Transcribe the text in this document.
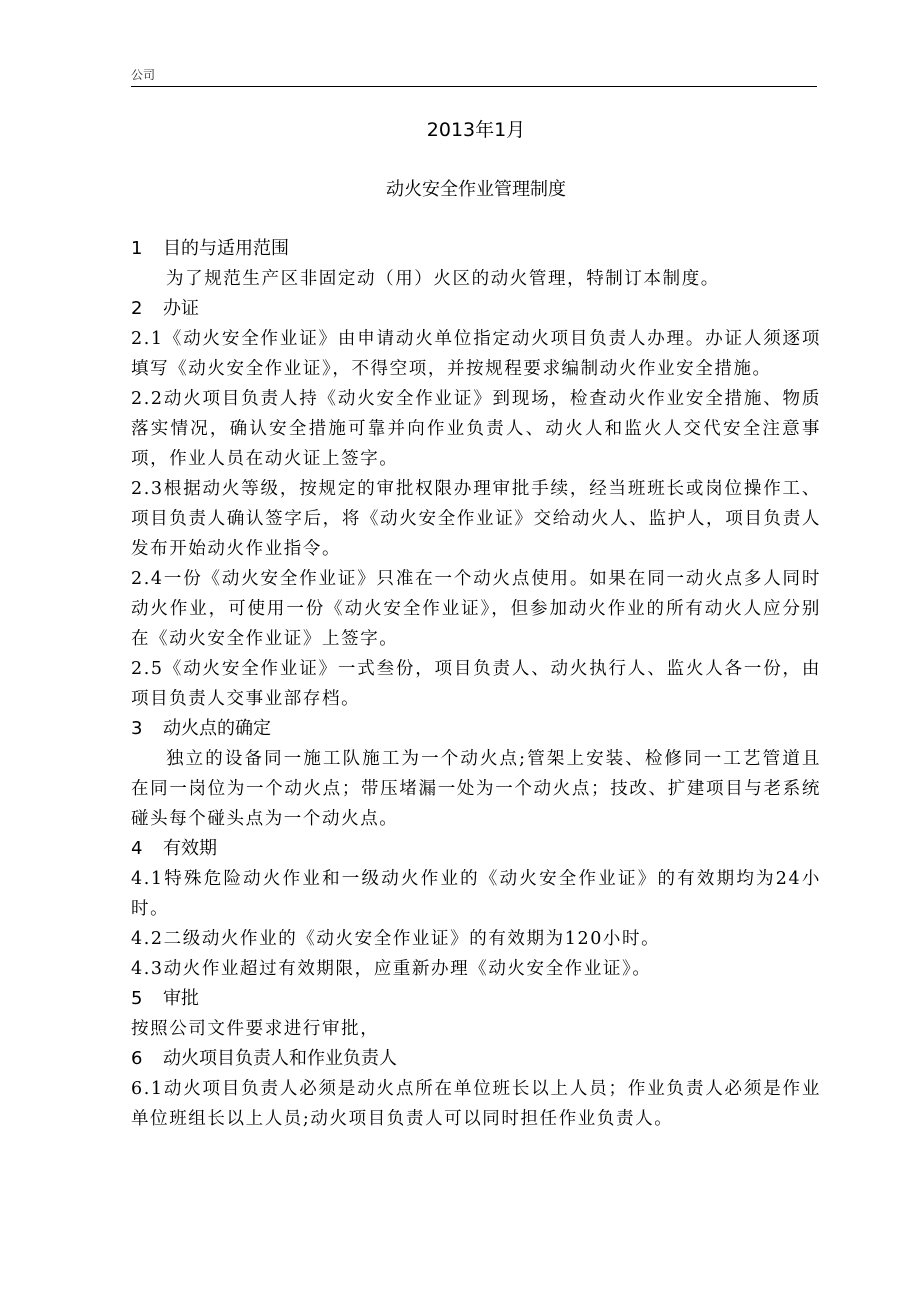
公司
2013年1月
动火安全作业管理制度
1 目的与适用范围

为了规范生产区非固定动（用）火区的动火管理，特制订本制度。

2 办证

2.1《动火安全作业证》由申请动火单位指定动火项目负责人办理。办证人须逐项填写《动火安全作业证》，不得空项，并按规程要求编制动火作业安全措施。

2.2动火项目负责人持《动火安全作业证》到现场，检查动火作业安全措施、物质落实情况，确认安全措施可靠并向作业负责人、动火人和监火人交代安全注意事项，作业人员在动火证上签字。

2.3根据动火等级，按规定的审批权限办理审批手续，经当班班长或岗位操作工、项目负责人确认签字后，将《动火安全作业证》交给动火人、监护人，项目负责人发布开始动火作业指令。

2.4一份《动火安全作业证》只准在一个动火点使用。如果在同一动火点多人同时动火作业，可使用一份《动火安全作业证》，但参加动火作业的所有动火人应分别在《动火安全作业证》上签字。

2.5《动火安全作业证》一式叁份，项目负责人、动火执行人、监火人各一份，由项目负责人交事业部存档。

3 动火点的确定

独立的设备同一施工队施工为一个动火点;管架上安装、检修同一工艺管道且在同一岗位为一个动火点；带压堵漏一处为一个动火点；技改、扩建项目与老系统碰头每个碰头点为一个动火点。

4 有效期

4.1特殊危险动火作业和一级动火作业的《动火安全作业证》的有效期均为24小时。

4.2二级动火作业的《动火安全作业证》的有效期为120小时。

4.3动火作业超过有效期限，应重新办理《动火安全作业证》。

5 审批

按照公司文件要求进行审批，

6 动火项目负责人和作业负责人

6.1动火项目负责人必须是动火点所在单位班长以上人员；作业负责人必须是作业单位班组长以上人员;动火项目负责人可以同时担任作业负责人。
